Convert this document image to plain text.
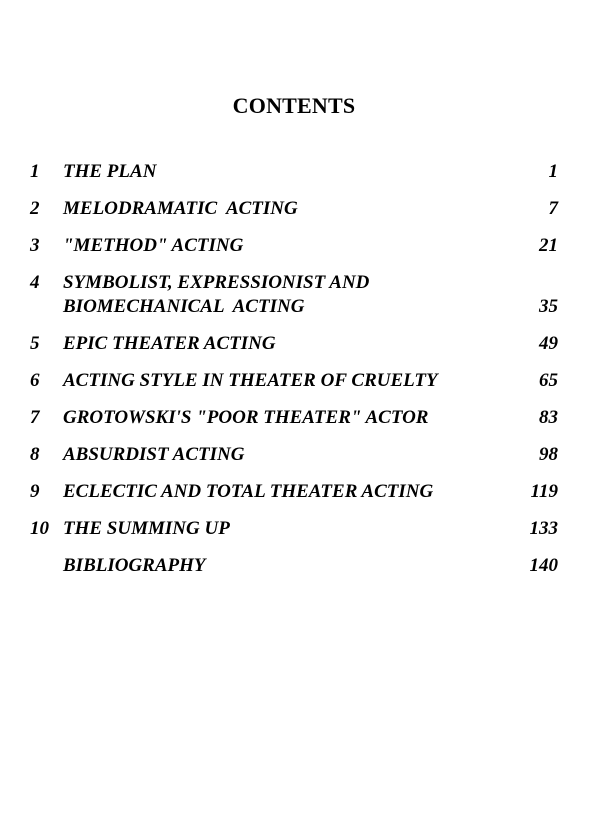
CONTENTS
1	THE PLAN	1
2	MELODRAMATIC  ACTING	7
3	"METHOD" ACTING	21
4	SYMBOLIST, EXPRESSIONIST AND
BIOMECHANICAL  ACTING	35
5	EPIC THEATER ACTING	49
6	ACTING STYLE IN THEATER OF CRUELTY	65
7	GROTOWSKI'S "POOR THEATER" ACTOR	83
8	ABSURDIST ACTING	98
9	ECLECTIC AND TOTAL THEATER ACTING	119
10 THE SUMMING UP	133
BIBLIOGRAPHY	140
